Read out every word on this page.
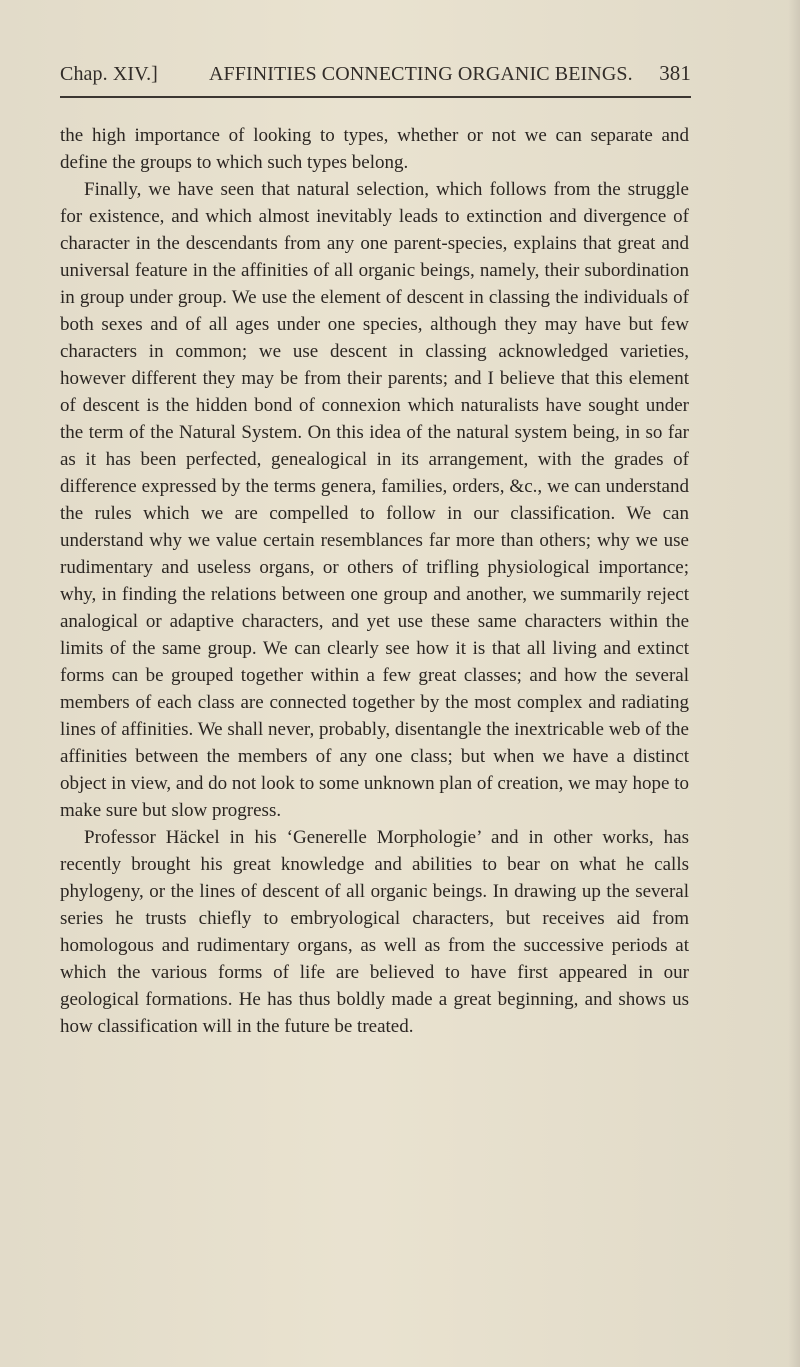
Chap. XIV.]	AFFINITIES CONNECTING ORGANIC BEINGS.	381

the high importance of looking to types, whether or not we can separate and define the groups to which such types belong.

Finally, we have seen that natural selection, which follows from the struggle for existence, and which almost inevitably leads to extinction and divergence of character in the descendants from any one parent-species, explains that great and universal feature in the affinities of all organic beings, namely, their subordination in group under group. We use the element of descent in classing the individuals of both sexes and of all ages under one species, although they may have but few characters in common; we use descent in classing acknowledged varieties, however different they may be from their parents; and I believe that this element of descent is the hidden bond of connexion which naturalists have sought under the term of the Natural System. On this idea of the natural system being, in so far as it has been perfected, genealogical in its arrangement, with the grades of difference expressed by the terms genera, families, orders, &c., we can understand the rules which we are compelled to follow in our classification. We can understand why we value certain resemblances far more than others; why we use rudimentary and useless organs, or others of trifling physiological importance; why, in finding the relations between one group and another, we summarily reject analogical or adaptive characters, and yet use these same characters within the limits of the same group. We can clearly see how it is that all living and extinct forms can be grouped together within a few great classes; and how the several members of each class are connected together by the most complex and radiating lines of affinities. We shall never, probably, disentangle the inextricable web of the affinities between the members of any one class; but when we have a distinct object in view, and do not look to some unknown plan of creation, we may hope to make sure but slow progress.

Professor Häckel in his ‘Generelle Morphologie’ and in other works, has recently brought his great knowledge and abilities to bear on what he calls phylogeny, or the lines of descent of all organic beings. In drawing up the several series he trusts chiefly to embryological characters, but receives aid from homologous and rudimentary organs, as well as from the successive periods at which the various forms of life are believed to have first appeared in our geological formations. He has thus boldly made a great beginning, and shows us how classification will in the future be treated.
